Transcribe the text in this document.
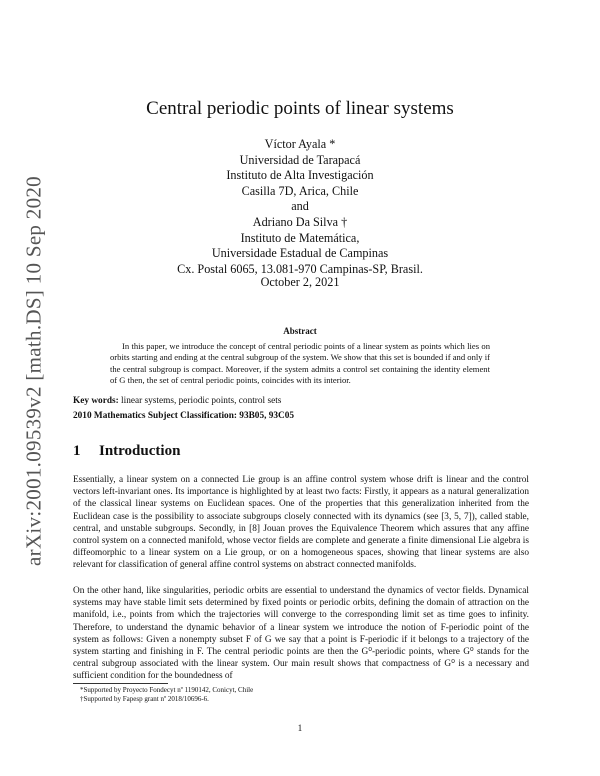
arXiv:2001.09539v2 [math.DS] 10 Sep 2020
Central periodic points of linear systems
Víctor Ayala *
Universidad de Tarapacá
Instituto de Alta Investigación
Casilla 7D, Arica, Chile
and
Adriano Da Silva †
Instituto de Matemática,
Universidade Estadual de Campinas
Cx. Postal 6065, 13.081-970 Campinas-SP, Brasil.
October 2, 2021
Abstract

In this paper, we introduce the concept of central periodic points of a linear system as points which lies on orbits starting and ending at the central subgroup of the system. We show that this set is bounded if and only if the central subgroup is compact. Moreover, if the system admits a control set containing the identity element of G then, the set of central periodic points, coincides with its interior.

Key words: linear systems, periodic points, control sets
2010 Mathematics Subject Classification: 93B05, 93C05
1 Introduction

Essentially, a linear system on a connected Lie group is an affine control system whose drift is linear and the control vectors left-invariant ones. Its importance is highlighted by at least two facts: Firstly, it appears as a natural generalization of the classical linear systems on Euclidean spaces. One of the properties that this generalization inherited from the Euclidean case is the possibility to associate subgroups closely connected with its dynamics (see [3, 5, 7]), called stable, central, and unstable subgroups. Secondly, in [8] Jouan proves the Equivalence Theorem which assures that any affine control system on a connected manifold, whose vector fields are complete and generate a finite dimensional Lie algebra is diffeomorphic to a linear system on a Lie group, or on a homogeneous spaces, showing that linear systems are also relevant for classification of general affine control systems on abstract connected manifolds.

On the other hand, like singularities, periodic orbits are essential to understand the dynamics of vector fields. Dynamical systems may have stable limit sets determined by fixed points or periodic orbits, defining the domain of attraction on the manifold, i.e., points from which the trajectories will converge to the corresponding limit set as time goes to infinity. Therefore, to understand the dynamic behavior of a linear system we introduce the notion of F-periodic point of the system as follows: Given a nonempty subset F of G we say that a point is F-periodic if it belongs to a trajectory of the system starting and finishing in F. The central periodic points are then the G⁰-periodic points, where G⁰ stands for the central subgroup associated with the linear system. Our main result shows that compactness of G⁰ is a necessary and sufficient condition for the boundedness of

*Supported by Proyecto Fondecyt nº 1190142, Conicyt, Chile
†Supported by Fapesp grant nº 2018/10696-6.
1
